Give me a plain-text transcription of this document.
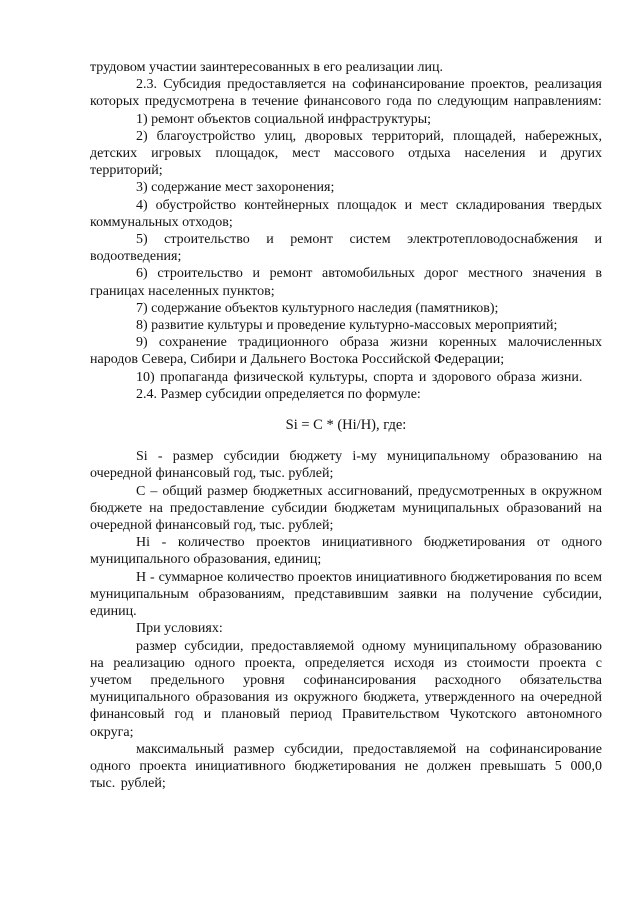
трудовом участии заинтересованных в его реализации лиц.

2.3. Субсидия предоставляется на софинансирование проектов, реализация которых предусмотрена в течение финансового года по следующим направлениям:

1) ремонт объектов социальной инфраструктуры;

2) благоустройство улиц, дворовых территорий, площадей, набережных, детских игровых площадок, мест массового отдыха населения и других территорий;

3) содержание мест захоронения;

4) обустройство контейнерных площадок и мест складирования твердых коммунальных отходов;

5) строительство и ремонт систем электротепловодоснабжения и водоотведения;

6) строительство и ремонт автомобильных дорог местного значения в границах населенных пунктов;

7) содержание объектов культурного наследия (памятников);

8) развитие культуры и проведение культурно-массовых мероприятий;

9) сохранение традиционного образа жизни коренных малочисленных народов Севера, Сибири и Дальнего Востока Российской Федерации;

10) пропаганда физической культуры, спорта и здорового образа жизни.

2.4. Размер субсидии определяется по формуле:

Si = C * (Hi/H), где:

Si - размер субсидии бюджету i-му муниципальному образованию на очередной финансовый год, тыс. рублей;

С – общий размер бюджетных ассигнований, предусмотренных в окружном бюджете на предоставление субсидии бюджетам муниципальных образований на очередной финансовый год, тыс. рублей;

Hi - количество проектов инициативного бюджетирования от одного муниципального образования, единиц;

H - суммарное количество проектов инициативного бюджетирования по всем муниципальным образованиям, представившим заявки на получение субсидии, единиц.

При условиях:

размер субсидии, предоставляемой одному муниципальному образованию на реализацию одного проекта, определяется исходя из стоимости проекта с учетом предельного уровня софинансирования расходного обязательства муниципального образования из окружного бюджета, утвержденного на очередной финансовый год и плановый период Правительством Чукотского автономного округа;

максимальный размер субсидии, предоставляемой на софинансирование одного проекта инициативного бюджетирования не должен превышать 5 000,0 тыс. рублей;
